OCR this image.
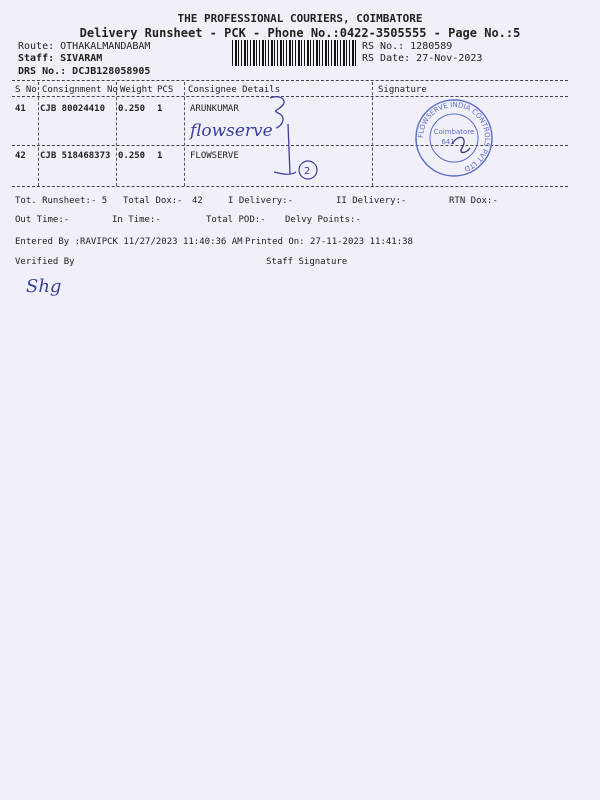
THE PROFESSIONAL COURIERS, COIMBATORE
Delivery Runsheet - PCK - Phone No.:0422-3505555 - Page No.:5
Route: OTHAKALMANDABAM
Staff: SIVARAM
DRS No.: DCJB128058905
RS No.: 1280589
RS Date: 27-Nov-2023
S No Consignment No Weight PCS Consignee Details	Signature
41 CJB 80024410 0.250 1	ARUNKUMAR
42 CJB 518468373 0.250 1	FLOWSERVE
flowserve
2
FLOWSERVE INDIA CONTROLS PVT LTD
Coimbatore
641
Tot. Runsheet:- 5 Total Dox:- 42	I Delivery:-	II Delivery:-	RTN Dox:-
Out Time:-	In Time:-	Total POD:- Delvy Points:-
Entered By :RAVIPCK 11/27/2023 11:40:36 AM Printed On: 27-11-2023 11:41:38
Verified By	Staff Signature
Shg
